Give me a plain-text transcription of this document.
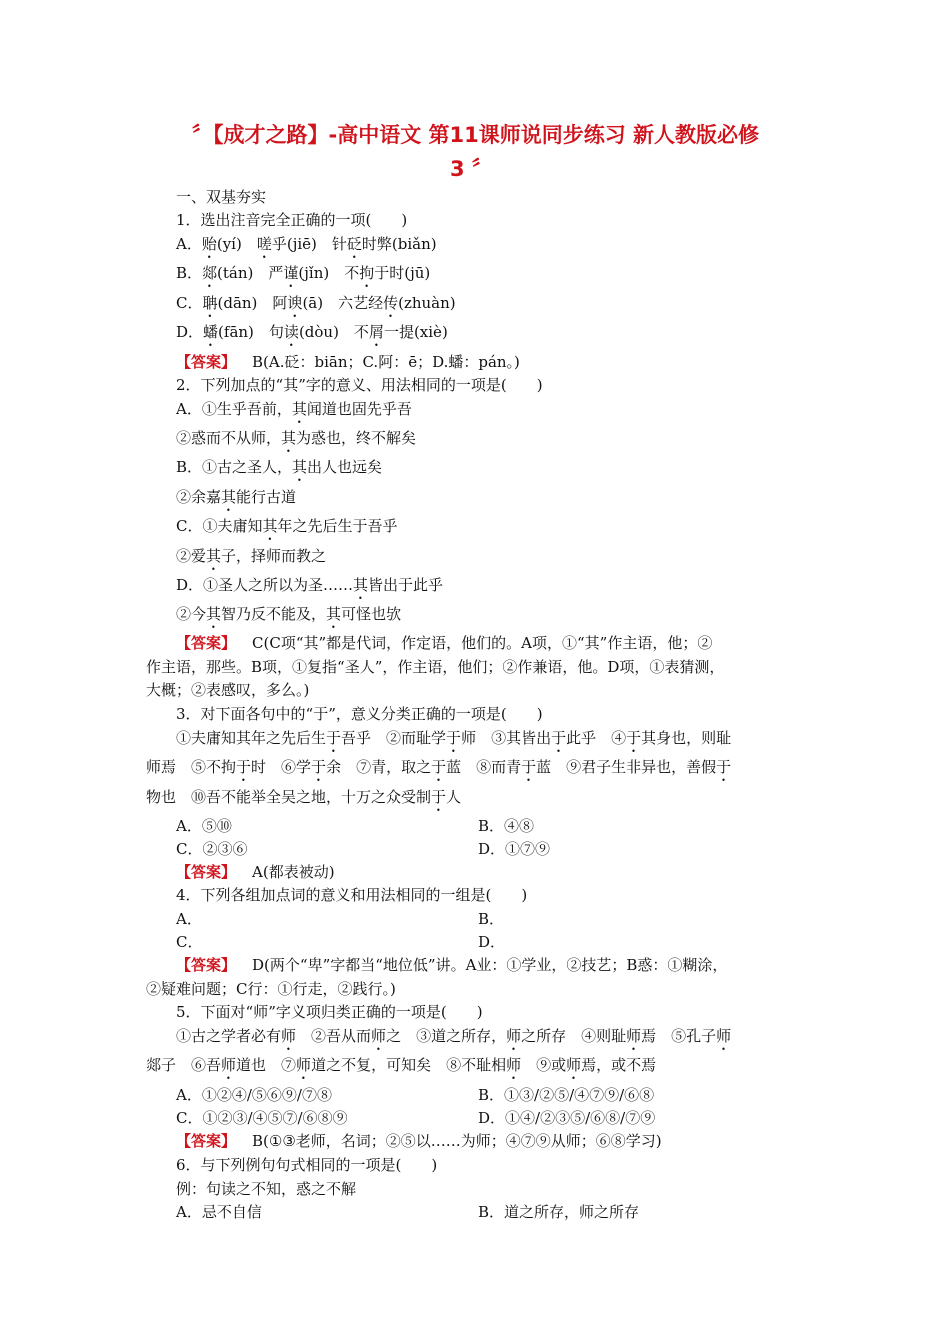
〞【成才之路】-高中语文 第11课师说同步练习 新人教版必修
3 〞
一、双基夯实
1．选出注音完全正确的一项(　　)
A．贻(yí)　嗟乎(jiē)　针砭时弊(biǎn)
B．郯(tán)　严谨(jǐn)　不拘于时(jū)
C．聃(dān)　阿谀(ā)　六艺经传(zhuàn)
D．蟠(fān)　句读(dòu)　不屑一提(xiè)
【答案】 B(A.砭：biān；C.阿：ē；D.蟠：pán。)
2．下列加点的“其”字的意义、用法相同的一项是(　　)
A．①生乎吾前，其闻道也固先乎吾
②惑而不从师，其为惑也，终不解矣
B．①古之圣人，其出人也远矣
②余嘉其能行古道
C．①夫庸知其年之先后生于吾乎
②爱其子，择师而教之
D．①圣人之所以为圣……其皆出于此乎
②今其智乃反不能及，其可怪也欤
【答案】 C(C项“其”都是代词，作定语，他们的。A项，①“其”作主语，他；②
作主语，那些。B项，①复指“圣人”，作主语，他们；②作兼语，他。D项，①表猜测，
大概；②表感叹，多么。)
3．对下面各句中的“于”，意义分类正确的一项是(　　)
①夫庸知其年之先后生于吾乎　②而耻学于师　③其皆出于此乎　④于其身也，则耻
师焉　⑤不拘于时　⑥学于余　⑦青，取之于蓝　⑧而青于蓝　⑨君子生非异也，善假于
物也　⑩吾不能举全吴之地，十万之众受制于人
A．⑤⑩	B．④⑧
C．②③⑥	D．①⑦⑨
【答案】 A(都表被动)
4．下列各组加点词的意义和用法相同的一组是(　　)
A．	B．
C．	D．
【答案】 D(两个“卑”字都当“地位低”讲。A业：①学业，②技艺；B惑：①糊涂，
②疑难问题；C行：①行走，②践行。)
5．下面对“师”字义项归类正确的一项是(　　)
①古之学者必有师　②吾从而师之　③道之所存，师之所存　④则耻师焉　⑤孔子师
郯子　⑥吾师道也　⑦师道之不复，可知矣　⑧不耻相师　⑨或师焉，或不焉
A．①②④/⑤⑥⑨/⑦⑧	B．①③/②⑤/④⑦⑨/⑥⑧
C．①②③/④⑤⑦/⑥⑧⑨	D．①④/②③⑤/⑥⑧/⑦⑨
【答案】 B(①③老师，名词；②⑤以……为师；④⑦⑨从师；⑥⑧学习)
6．与下列例句句式相同的一项是(　　)
例：句读之不知，惑之不解
A．忌不自信	B．道之所存，师之所存
